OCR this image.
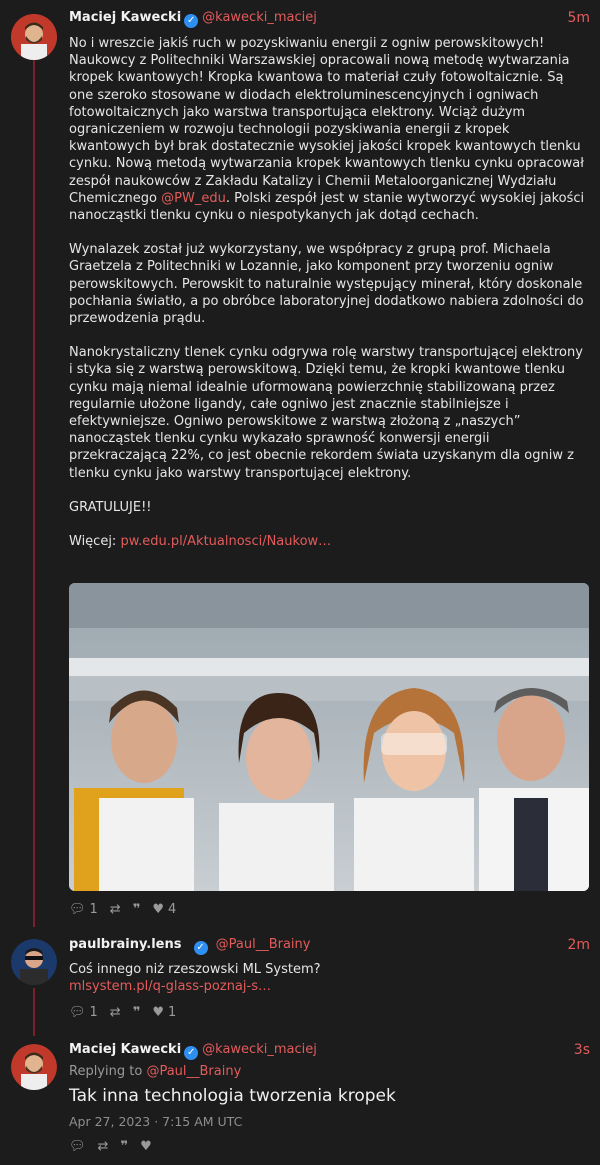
Maciej Kawecki ✓ @kawecki_maciej	5m

No i wreszcie jakiś ruch w pozyskiwaniu energii z ogniw perowskitowych! Naukowcy z Politechniki Warszawskiej opracowali nową metodę wytwarzania kropek kwantowych! Kropka kwantowa to materiał czuły fotowoltaicznie. Są one szeroko stosowane w diodach elektroluminescencyjnych i ogniwach fotowoltaicznych jako warstwa transportująca elektrony. Wciąż dużym ograniczeniem w rozwoju technologii pozyskiwania energii z kropek kwantowych był brak dostatecznie wysokiej jakości kropek kwantowych tlenku cynku. Nową metodą wytwarzania kropek kwantowych tlenku cynku opracował zespół naukowców z Zakładu Katalizy i Chemii Metaloorganicznej Wydziału Chemicznego @PW_edu. Polski zespół jest w stanie wytworzyć wysokiej jakości nanocząstki tlenku cynku o niespotykanych jak dotąd cechach.

Wynalazek został już wykorzystany, we współpracy z grupą prof. Michaela Graetzela z Politechniki w Lozannie, jako komponent przy tworzeniu ogniw perowskitowych. Perowskit to naturalnie występujący minerał, który doskonale pochłania światło, a po obróbce laboratoryjnej dodatkowo nabiera zdolności do przewodzenia prądu.

Nanokrystaliczny tlenek cynku odgrywa rolę warstwy transportującej elektrony i styka się z warstwą perowskitową. Dzięki temu, że kropki kwantowe tlenku cynku mają niemal idealnie uformowaną powierzchnię stabilizowaną przez regularnie ułożone ligandy, całe ogniwo jest znacznie stabilniejsze i efektywniejsze. Ogniwo perowskitowe z warstwą złożoną z „naszych” nanocząstek tlenku cynku wykazało sprawność konwersji energii przekraczającą 22%, co jest obecnie rekordem świata uzyskanym dla ogniw z tlenku cynku jako warstwy transportującej elektrony.

GRATULUJE!!

Więcej: pw.edu.pl/Aktualnosci/Naukow…

💬︎ 1 ⇄ ❞ ♥ 4
paulbrainy.lens ✓ @Paul__Brainy	2m

Coś innego niż rzeszowski ML System?

mlsystem.pl/q-glass-poznaj-s…

💬︎ 1 ⇄ ❞ ♥ 1
Maciej Kawecki ✓ @kawecki_maciej	3s
Replying to @Paul__Brainy
Tak inna technologia tworzenia kropek
Apr 27, 2023 · 7:15 AM UTC
💬︎ ⇄ ❞ ♥
